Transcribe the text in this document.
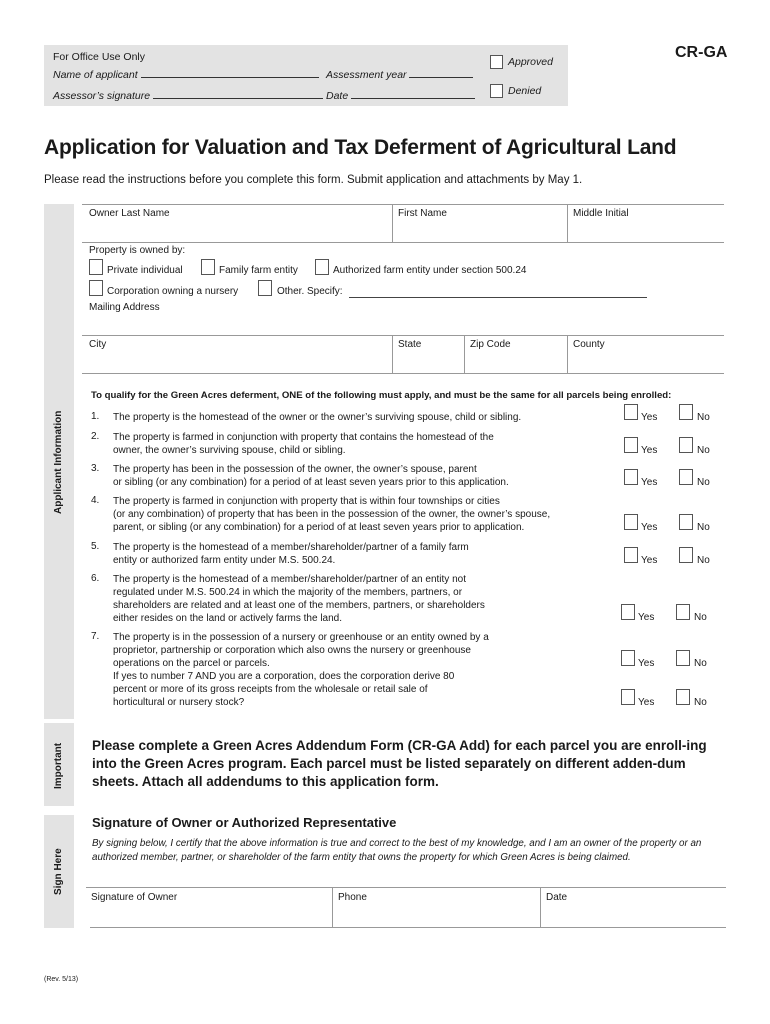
For Office Use Only
Name of applicant	Assessment year
Assessor’s signature	Date
Approved
Denied
CR-GA
Application for Valuation and Tax Deferment of Agricultural Land
Please read the instructions before you complete this form. Submit application and attachments by May 1.
Applicant Information
Owner Last Name	First Name	Middle Initial
Property is owned by:
Private individual	Family farm entity	Authorized farm entity under section 500.24
Corporation owning a nursery	Other. Specify:
Mailing Address
City	State	Zip Code	County
To qualify for the Green Acres deferment, ONE of the following must apply, and must be the same for all parcels being enrolled:
1. The property is the homestead of the owner or the owner’s surviving spouse, child or sibling.	Yes	No
2. The property is farmed in conjunction with property that contains the homestead of the
owner, the owner’s surviving spouse, child or sibling.	Yes	No
3. The property has been in the possession of the owner, the owner’s spouse, parent
or sibling (or any combination) for a period of at least seven years prior to this application.	Yes	No
4. The property is farmed in conjunction with property that is within four townships or cities
(or any combination) of property that has been in the possession of the owner, the owner’s spouse,
parent, or sibling (or any combination) for a period of at least seven years prior to application.	Yes	No
5. The property is the homestead of a member/shareholder/partner of a family farm
entity or authorized farm entity under M.S. 500.24.	Yes	No
6. The property is the homestead of a member/shareholder/partner of an entity not
regulated under M.S. 500.24 in which the majority of the members, partners, or
shareholders are related and at least one of the members, partners, or shareholders
either resides on the land or actively farms the land.	Yes	No
7. The property is in the possession of a nursery or greenhouse or an entity owned by a
proprietor, partnership or corporation which also owns the nursery or greenhouse
operations on the parcel or parcels.	Yes	No
If yes to number 7 AND you are a corporation, does the corporation derive 80
percent or more of its gross receipts from the wholesale or retail sale of
horticultural or nursery stock?	Yes	No
Important Please complete a Green Acres Addendum Form (CR-GA Add) for each parcel you are enroll-ing into the Green Acres program. Each parcel must be listed separately on different adden-dum sheets. Attach all addendums to this application form.
Sign Here
Signature of Owner or Authorized Representative
By signing below, I certify that the above information is true and correct to the best of my knowledge, and I am an owner of the property or an authorized member, partner, or shareholder of the farm entity that owns the property for which Green Acres is being claimed.
Signature of Owner	Phone	Date
(Rev. 5/13)
